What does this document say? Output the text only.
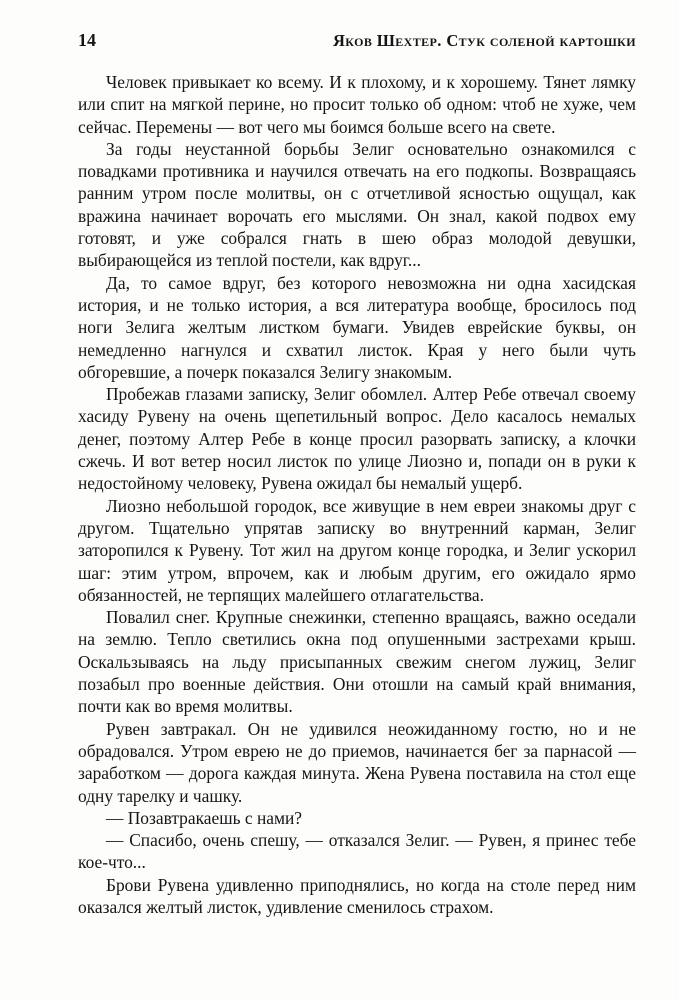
14	Яков Шехтер. Стук соленой картошки

Человек привыкает ко всему. И к плохому, и к хорошему. Тянет лямку или спит на мягкой перине, но просит только об одном: чтоб не хуже, чем сейчас. Перемены — вот чего мы боимся больше всего на свете.

За годы неустанной борьбы Зелиг основательно ознакомился с повадками противника и научился отвечать на его подкопы. Возвращаясь ранним утром после молитвы, он с отчетливой ясностью ощущал, как вражина начинает ворочать его мыслями. Он знал, какой подвох ему готовят, и уже собрался гнать в шею образ молодой девушки, выбирающейся из теплой постели, как вдруг...

Да, то самое вдруг, без которого невозможна ни одна хасидская история, и не только история, а вся литература вообще, бросилось под ноги Зелига желтым листком бумаги. Увидев еврейские буквы, он немедленно нагнулся и схватил листок. Края у него были чуть обгоревшие, а почерк показался Зелигу знакомым.

Пробежав глазами записку, Зелиг обомлел. Алтер Ребе отвечал своему хасиду Рувену на очень щепетильный вопрос. Дело касалось немалых денег, поэтому Алтер Ребе в конце просил разорвать записку, а клочки сжечь. И вот ветер носил листок по улице Лиозно и, попади он в руки к недостойному человеку, Рувена ожидал бы немалый ущерб.

Лиозно небольшой городок, все живущие в нем евреи знакомы друг с другом. Тщательно упрятав записку во внутренний карман, Зелиг заторопился к Рувену. Тот жил на другом конце городка, и Зелиг ускорил шаг: этим утром, впрочем, как и любым другим, его ожидало ярмо обязанностей, не терпящих малейшего отлагательства.

Повалил снег. Крупные снежинки, степенно вращаясь, важно оседали на землю. Тепло светились окна под опушенными застрехами крыш. Оскальзываясь на льду присыпанных свежим снегом лужиц, Зелиг позабыл про военные действия. Они отошли на самый край внимания, почти как во время молитвы.

Рувен завтракал. Он не удивился неожиданному гостю, но и не обрадовался. Утром еврею не до приемов, начинается бег за парнасой — заработком — дорога каждая минута. Жена Рувена поставила на стол еще одну тарелку и чашку.

— Позавтракаешь с нами?

— Спасибо, очень спешу, — отказался Зелиг. — Рувен, я принес тебе кое-что...

Брови Рувена удивленно приподнялись, но когда на столе перед ним оказался желтый листок, удивление сменилось страхом.
